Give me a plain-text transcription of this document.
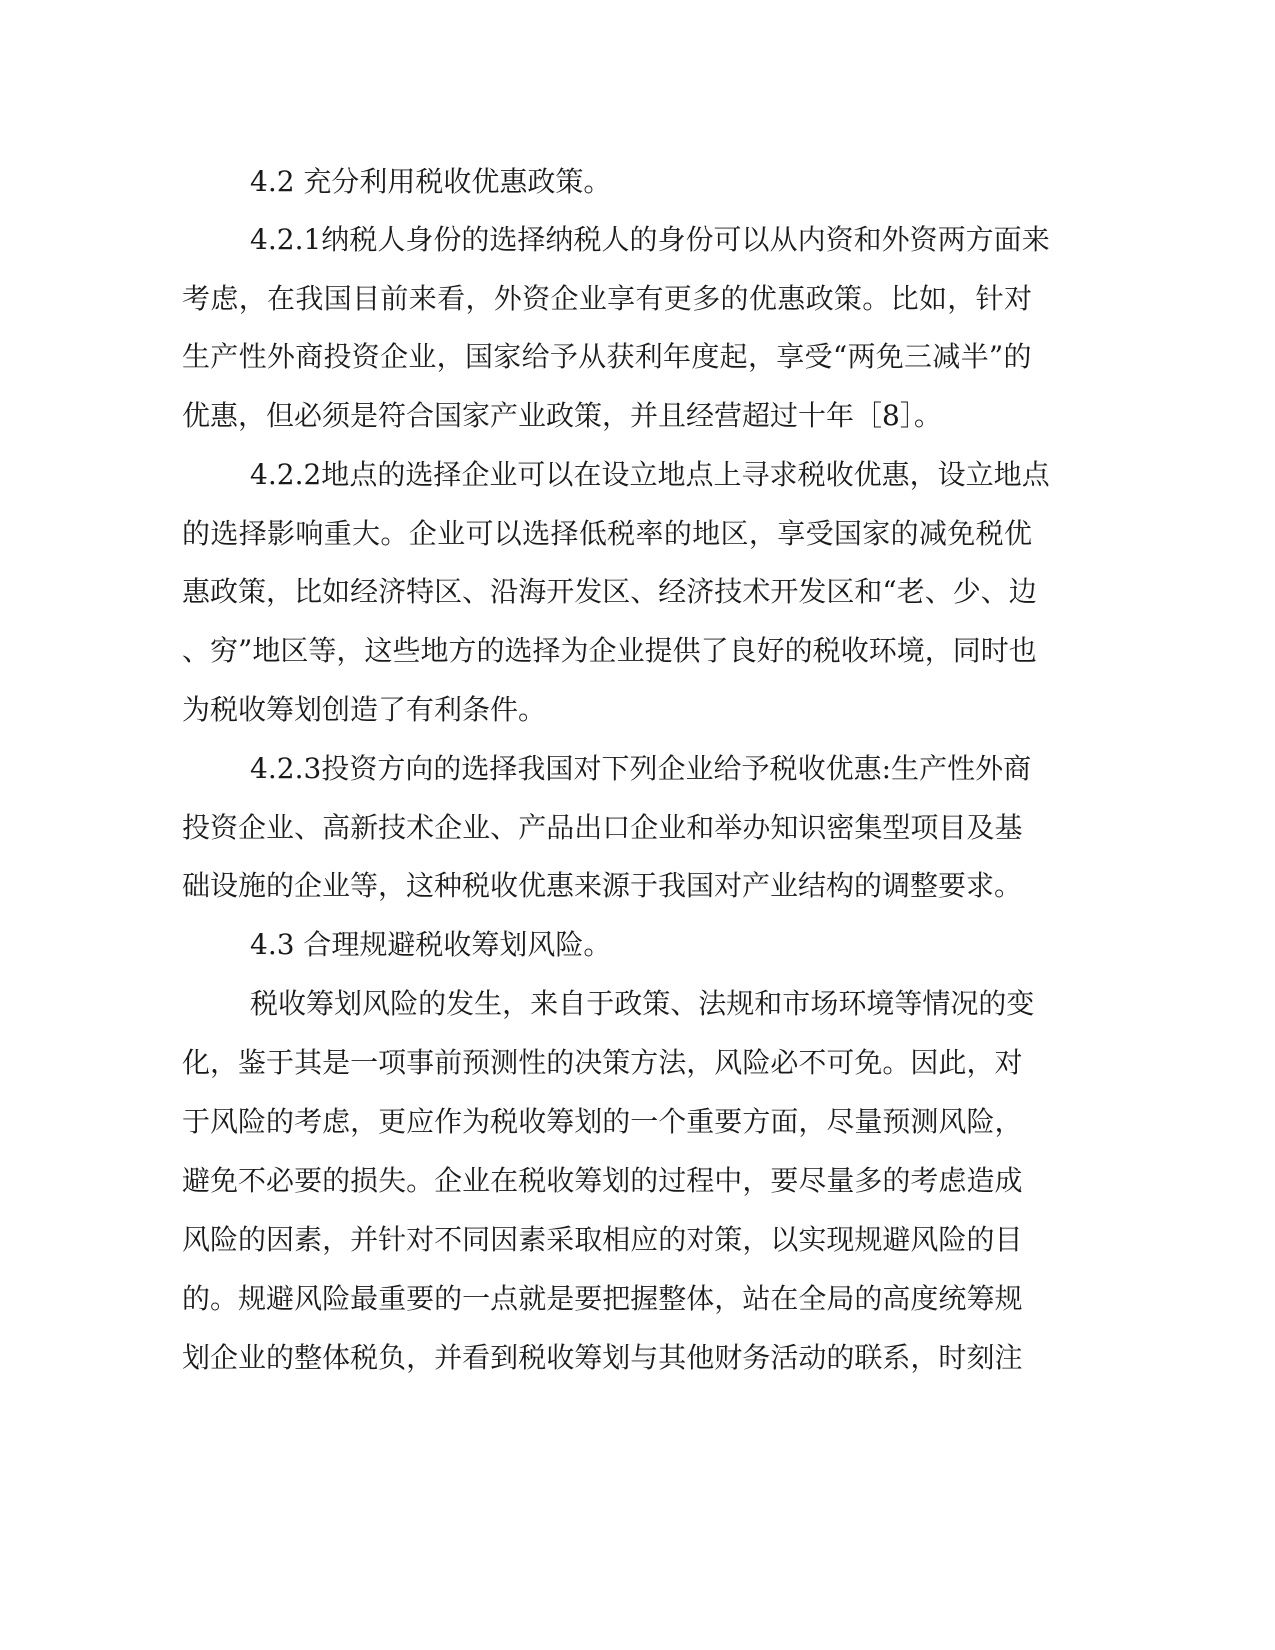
4.2 充分利用税收优惠政策。

4 . 2 . 1 纳 税 人 身 份 的 选 择 纳 税 人 的 身 份 可 以 从 内 资 和 外 资 两 方 面 来

考 虑 ， 在 我 国 目 前 来 看 ， 外 资 企 业 享 有 更 多 的 优 惠 政 策 。 比 如 ， 针 对

生 产 性 外 商 投 资 企 业 ， 国 家 给 予 从 获 利 年 度 起 ， 享 受 “ 两 免 三 减 半 ” 的

优惠，但必须是符合国家产业政策，并且经营超过十年［8］。

4 . 2 . 2 地 点 的 选 择 企 业 可 以 在 设 立 地 点 上 寻 求 税 收 优 惠 ， 设 立 地 点

的 选 择 影 响 重 大 。 企 业 可 以 选 择 低 税 率 的 地 区 ， 享 受 国 家 的 减 免 税 优

惠 政 策 ， 比 如 经 济 特 区 、 沿 海 开 发 区 、 经 济 技 术 开 发 区 和 “ 老 、 少 、 边

、 穷 ” 地 区 等 ， 这 些 地 方 的 选 择 为 企 业 提 供 了 良 好 的 税 收 环 境 ， 同 时 也

为税收筹划创造了有利条件。

4 . 2 . 3 投 资 方 向 的 选 择 我 国 对 下 列 企 业 给 予 税 收 优 惠 : 生 产 性 外 商

投 资 企 业 、 高 新 技 术 企 业 、 产 品 出 口 企 业 和 举 办 知 识 密 集 型 项 目 及 基

础设施的企业等，这种税收优惠来源于我国对产业结构的调整要求。

4.3 合理规避税收筹划风险。

税 收 筹 划 风 险 的 发 生 ， 来 自 于 政 策 、 法 规 和 市 场 环 境 等 情 况 的 变

化 ， 鉴 于 其 是 一 项 事 前 预 测 性 的 决 策 方 法 ， 风 险 必 不 可 免 。 因 此 ， 对

于 风 险 的 考 虑 ， 更 应 作 为 税 收 筹 划 的 一 个 重 要 方 面 ， 尽 量 预 测 风 险 ，

避 免 不 必 要 的 损 失 。 企 业 在 税 收 筹 划 的 过 程 中 ， 要 尽 量 多 的 考 虑 造 成

风 险 的 因 素 ， 并 针 对 不 同 因 素 采 取 相 应 的 对 策 ， 以 实 现 规 避 风 险 的 目

的 。 规 避 风 险 最 重 要 的 一 点 就 是 要 把 握 整 体 ， 站 在 全 局 的 高 度 统 筹 规

划 企 业 的 整 体 税 负 ， 并 看 到 税 收 筹 划 与 其 他 财 务 活 动 的 联 系 ， 时 刻 注
